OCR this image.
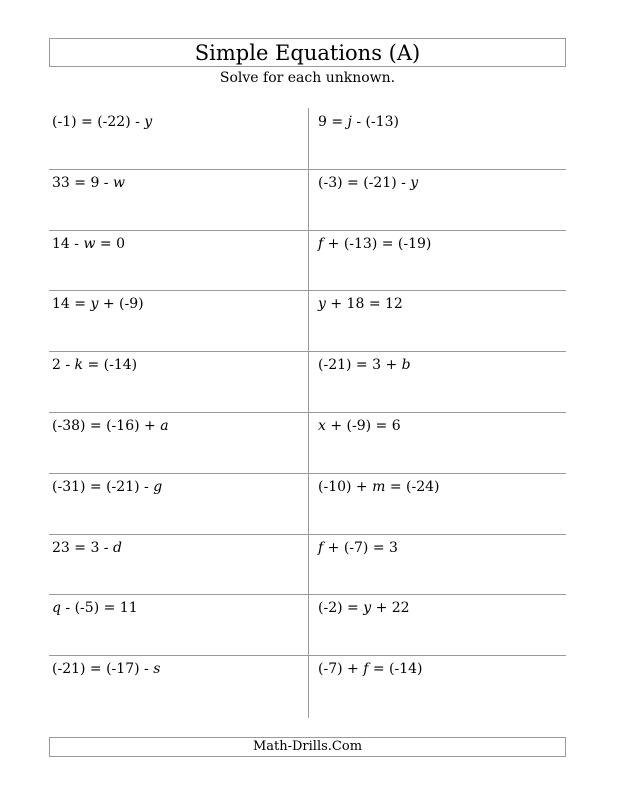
Simple Equations (A)
Solve for each unknown.
(-1) = (-22) - y
33 = 9 - w
14 - w = 0
14 = y + (-9)
2 - k = (-14)
(-38) = (-16) + a
(-31) = (-21) - g
23 = 3 - d
q - (-5) = 11
(-21) = (-17) - s
9 = j - (-13)
(-3) = (-21) - y
f + (-13) = (-19)
y + 18 = 12
(-21) = 3 + b
x + (-9) = 6
(-10) + m = (-24)
f + (-7) = 3
(-2) = y + 22
(-7) + f = (-14)
Math-Drills.Com
